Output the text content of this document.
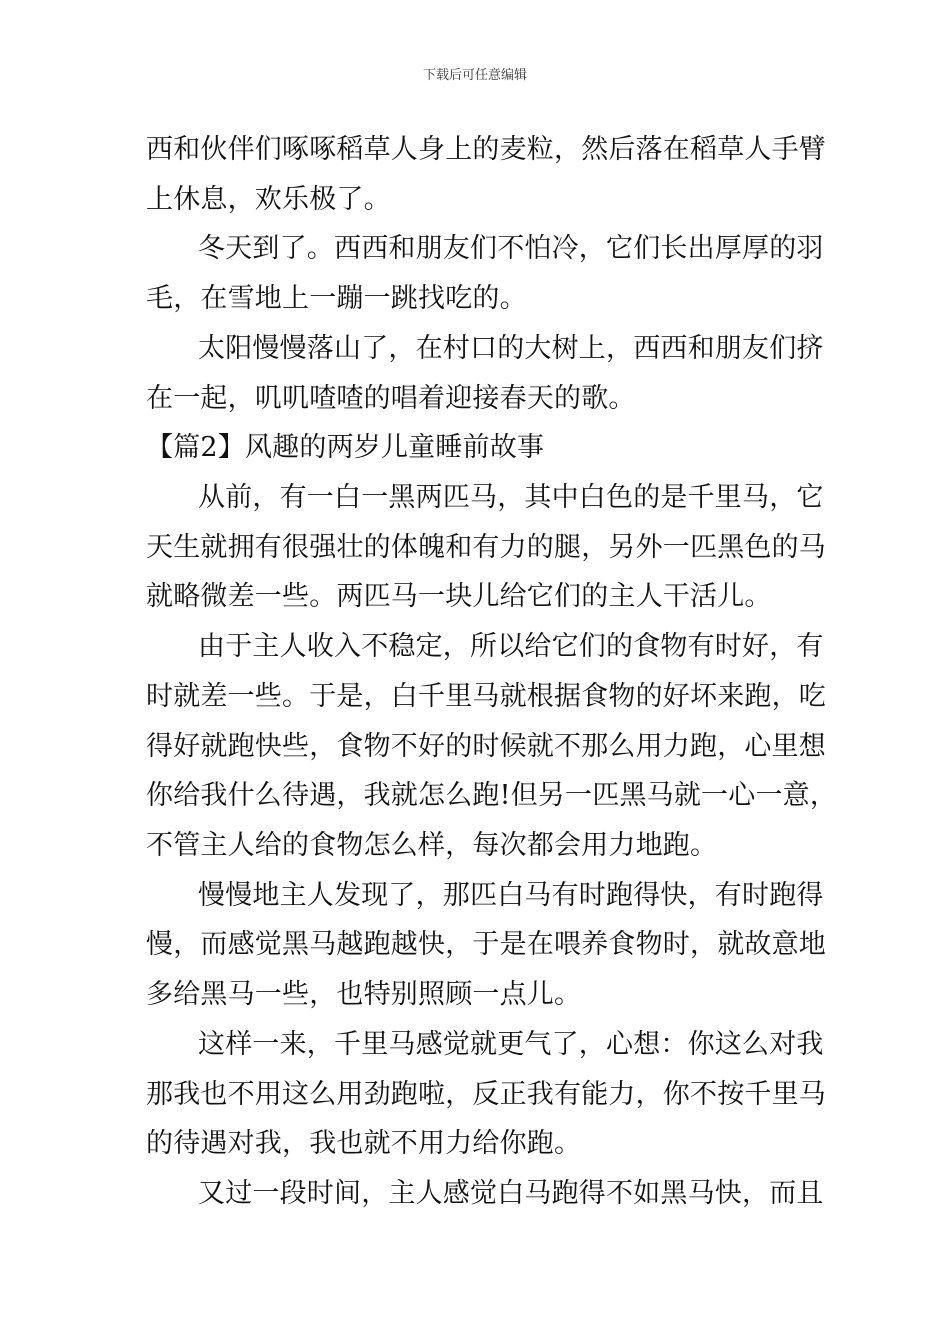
下载后可任意编辑
西和伙伴们啄啄稻草人身上的麦粒，然后落在稻草人手臂
上休息，欢乐极了。
冬天到了。西西和朋友们不怕冷，它们长出厚厚的羽
毛，在雪地上一蹦一跳找吃的。
太阳慢慢落山了，在村口的大树上，西西和朋友们挤
在一起，叽叽喳喳的唱着迎接春天的歌。
【篇2】风趣的两岁儿童睡前故事
从前，有一白一黑两匹马，其中白色的是千里马，它
天生就拥有很强壮的体魄和有力的腿，另外一匹黑色的马
就略微差一些。两匹马一块儿给它们的主人干活儿。
由于主人收入不稳定，所以给它们的食物有时好，有
时就差一些。于是，白千里马就根据食物的好坏来跑，吃
得好就跑快些，食物不好的时候就不那么用力跑，心里想
你给我什么待遇，我就怎么跑!但另一匹黑马就一心一意，
不管主人给的食物怎么样，每次都会用力地跑。
慢慢地主人发现了，那匹白马有时跑得快，有时跑得
慢，而感觉黑马越跑越快，于是在喂养食物时，就故意地
多给黑马一些，也特别照顾一点儿。
这样一来，千里马感觉就更气了，心想：你这么对我
那我也不用这么用劲跑啦，反正我有能力，你不按千里马
的待遇对我，我也就不用力给你跑。
又过一段时间，主人感觉白马跑得不如黑马快，而且
